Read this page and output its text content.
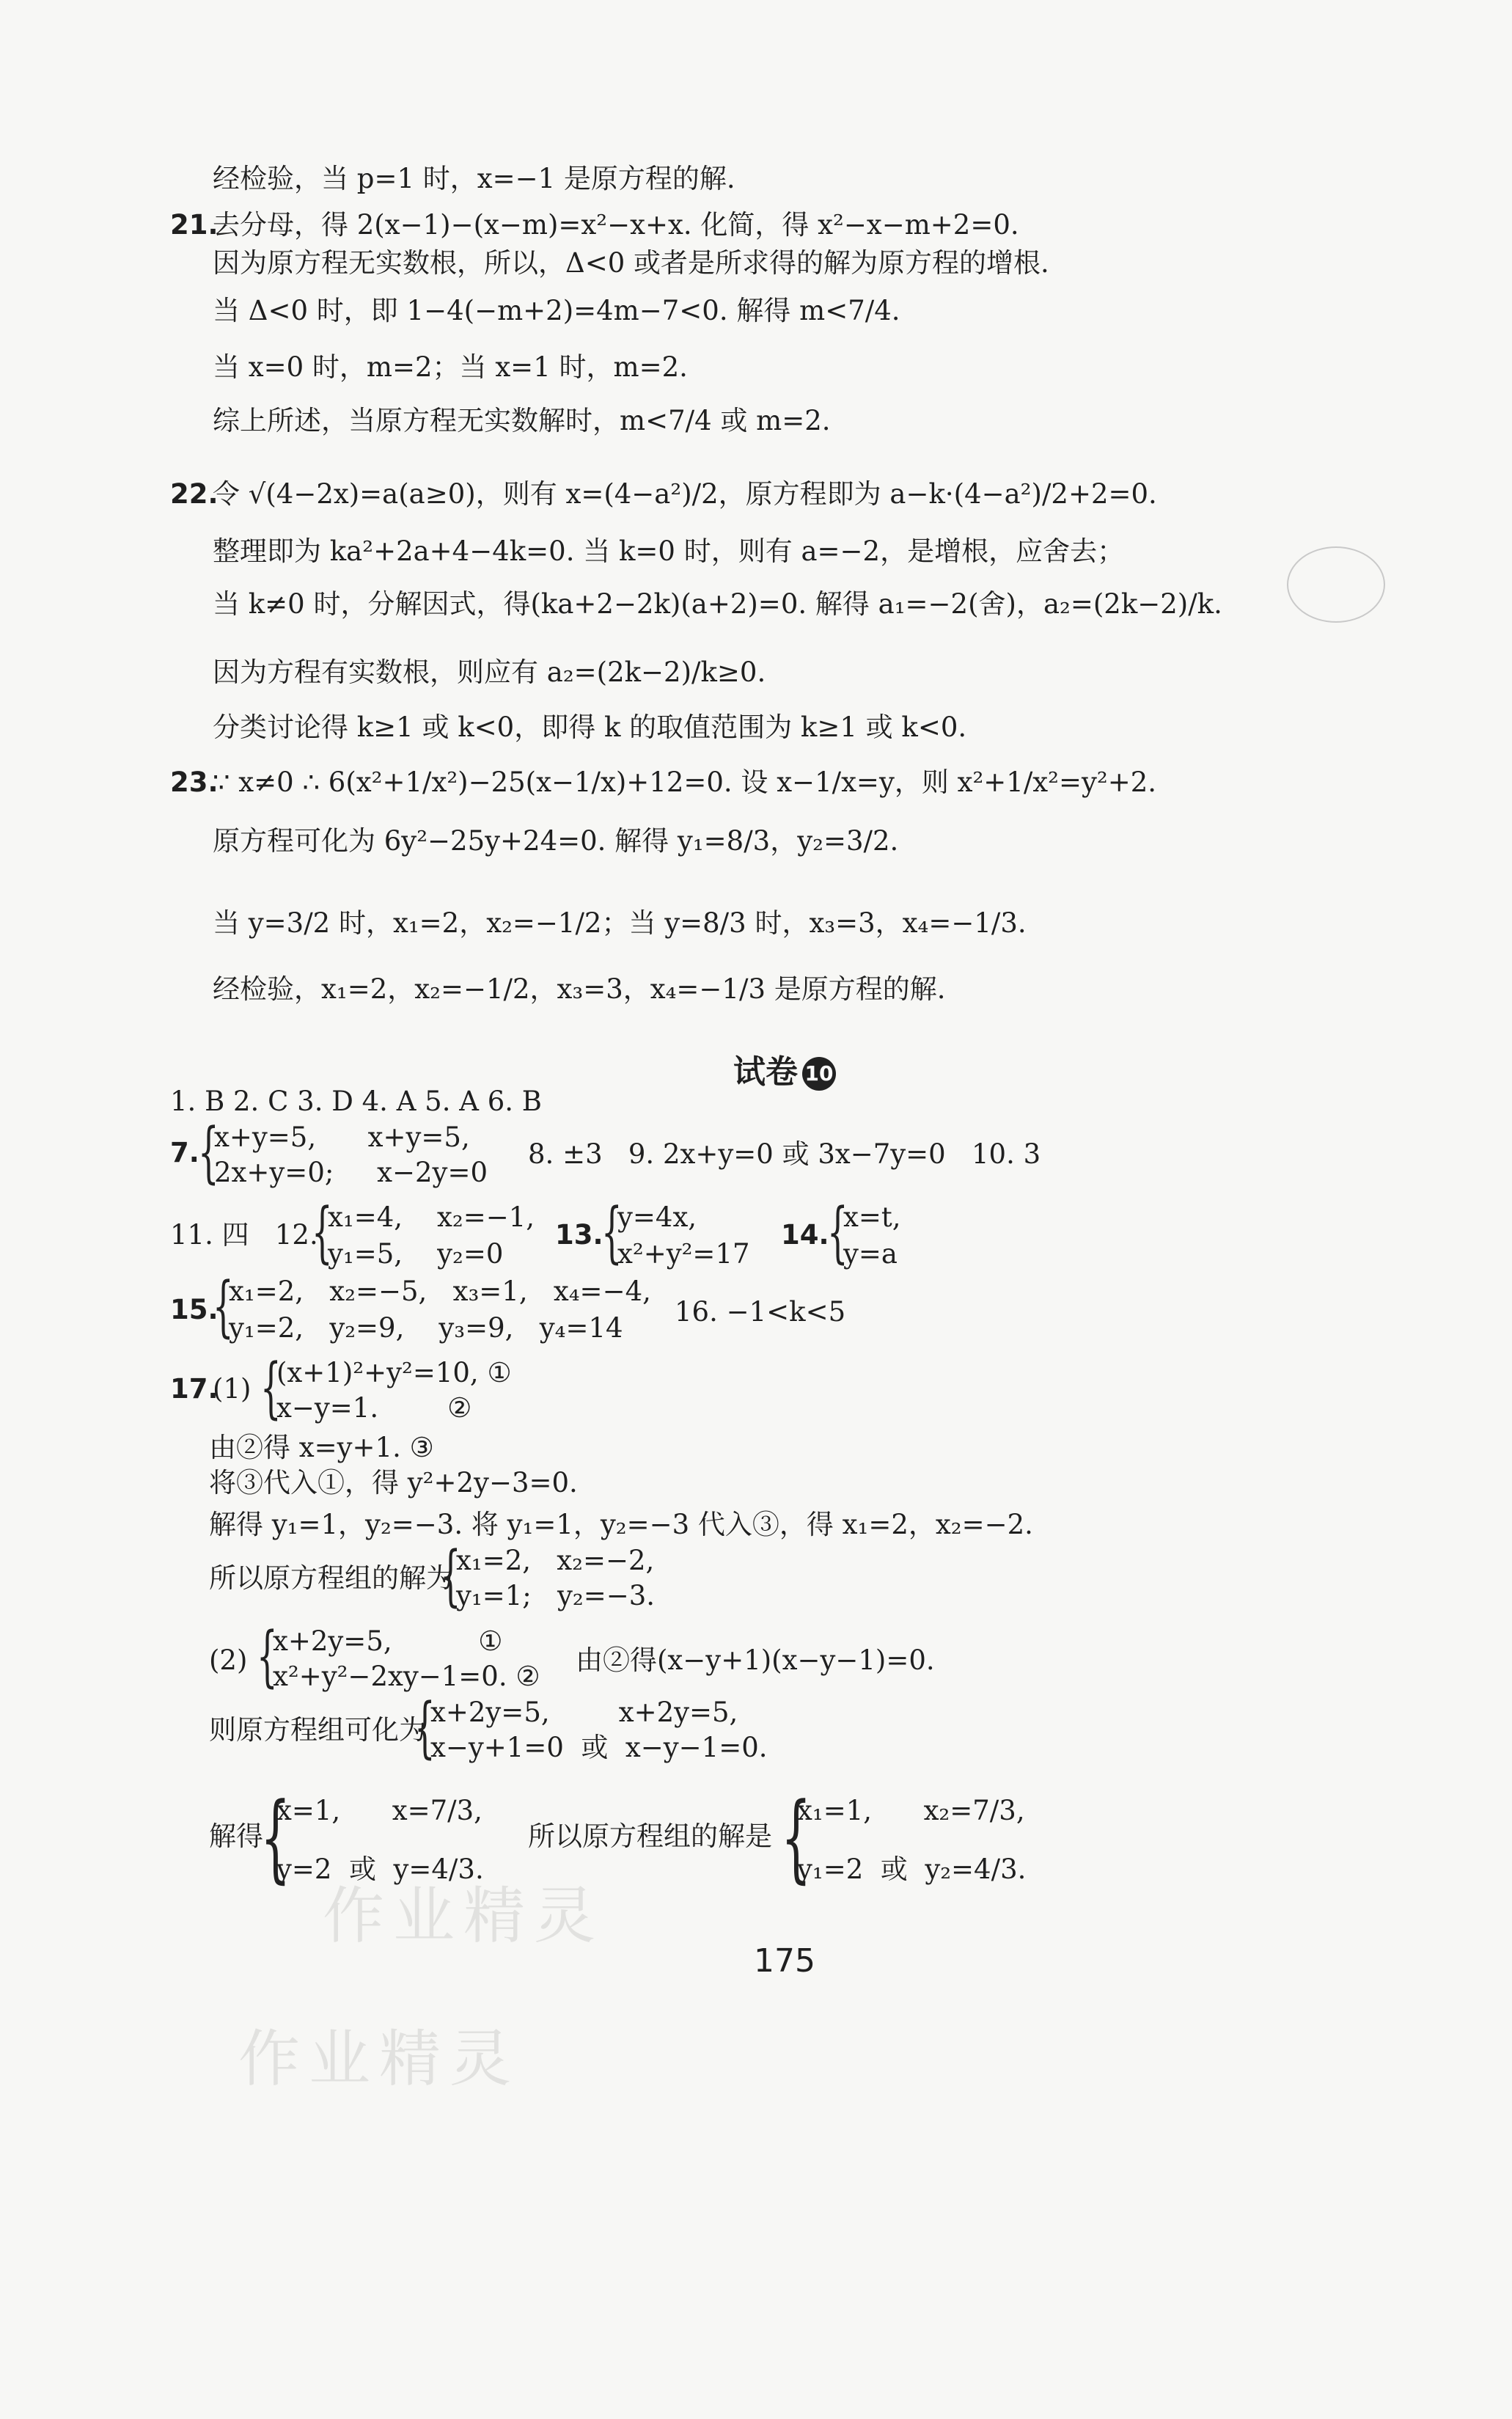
经检验，当 p=1 时，x=−1 是原方程的解.
21.
去分母，得 2(x−1)−(x−m)=x²−x+x. 化简，得 x²−x−m+2=0.
因为原方程无实数根，所以，Δ<0 或者是所求得的解为原方程的增根.
当 Δ<0 时，即 1−4(−m+2)=4m−7<0. 解得 m<7/4.
当 x=0 时，m=2；当 x=1 时，m=2.
综上所述，当原方程无实数解时，m<7/4 或 m=2.
22.
令 √(4−2x)=a(a≥0)，则有 x=(4−a²)/2，原方程即为 a−k·(4−a²)/2+2=0.
整理即为 ka²+2a+4−4k=0. 当 k=0 时，则有 a=−2，是增根，应舍去；
当 k≠0 时，分解因式，得(ka+2−2k)(a+2)=0. 解得 a₁=−2(舍)，a₂=(2k−2)/k.
因为方程有实数根，则应有 a₂=(2k−2)/k≥0.
分类讨论得 k≥1 或 k<0，即得 k 的取值范围为 k≥1 或 k<0.
23.
∵ x≠0 ∴ 6(x²+1/x²)−25(x−1/x)+12=0. 设 x−1/x=y，则 x²+1/x²=y²+2.
原方程可化为 6y²−25y+24=0. 解得 y₁=8/3，y₂=3/2.
当 y=3/2 时，x₁=2，x₂=−1/2；当 y=8/3 时，x₃=3，x₄=−1/3.
经检验，x₁=2，x₂=−1/2，x₃=3，x₄=−1/3 是原方程的解.
试卷 10
1. B 2. C 3. D 4. A 5. A 6. B
7.
{
x+y=5,      x+y=5,
2x+y=0;     x−2y=0
8. ±3   9. 2x+y=0 或 3x−7y=0   10. 3
11. 四   12.
{
x₁=4,    x₂=−1,
y₁=5,    y₂=0
13.
{
y=4x,
x²+y²=17
14.
{
x=t,
y=a
15.
{
x₁=2,   x₂=−5,   x₃=1,   x₄=−4,
y₁=2,   y₂=9,    y₃=9,   y₄=14
16. −1<k<5
17.
(1) {
(x+1)²+y²=10, ①
x−y=1.        ②
由②得 x=y+1. ③
将③代入①，得 y²+2y−3=0.
解得 y₁=1，y₂=−3. 将 y₁=1，y₂=−3 代入③，得 x₁=2，x₂=−2.
所以原方程组的解为
{
x₁=2,   x₂=−2,
y₁=1;   y₂=−3.
(2) {
x+2y=5,          ①
x²+y²−2xy−1=0. ②
由②得(x−y+1)(x−y−1)=0.
则原方程组可化为
{
x+2y=5,        x+2y=5,
x−y+1=0  或  x−y−1=0.
解得
{
x=1,      x=7/3,
y=2  或  y=4/3.
所以原方程组的解是 {
x₁=1,      x₂=7/3,
y₁=2  或  y₂=4/3.
175
作业精灵
作业精灵
